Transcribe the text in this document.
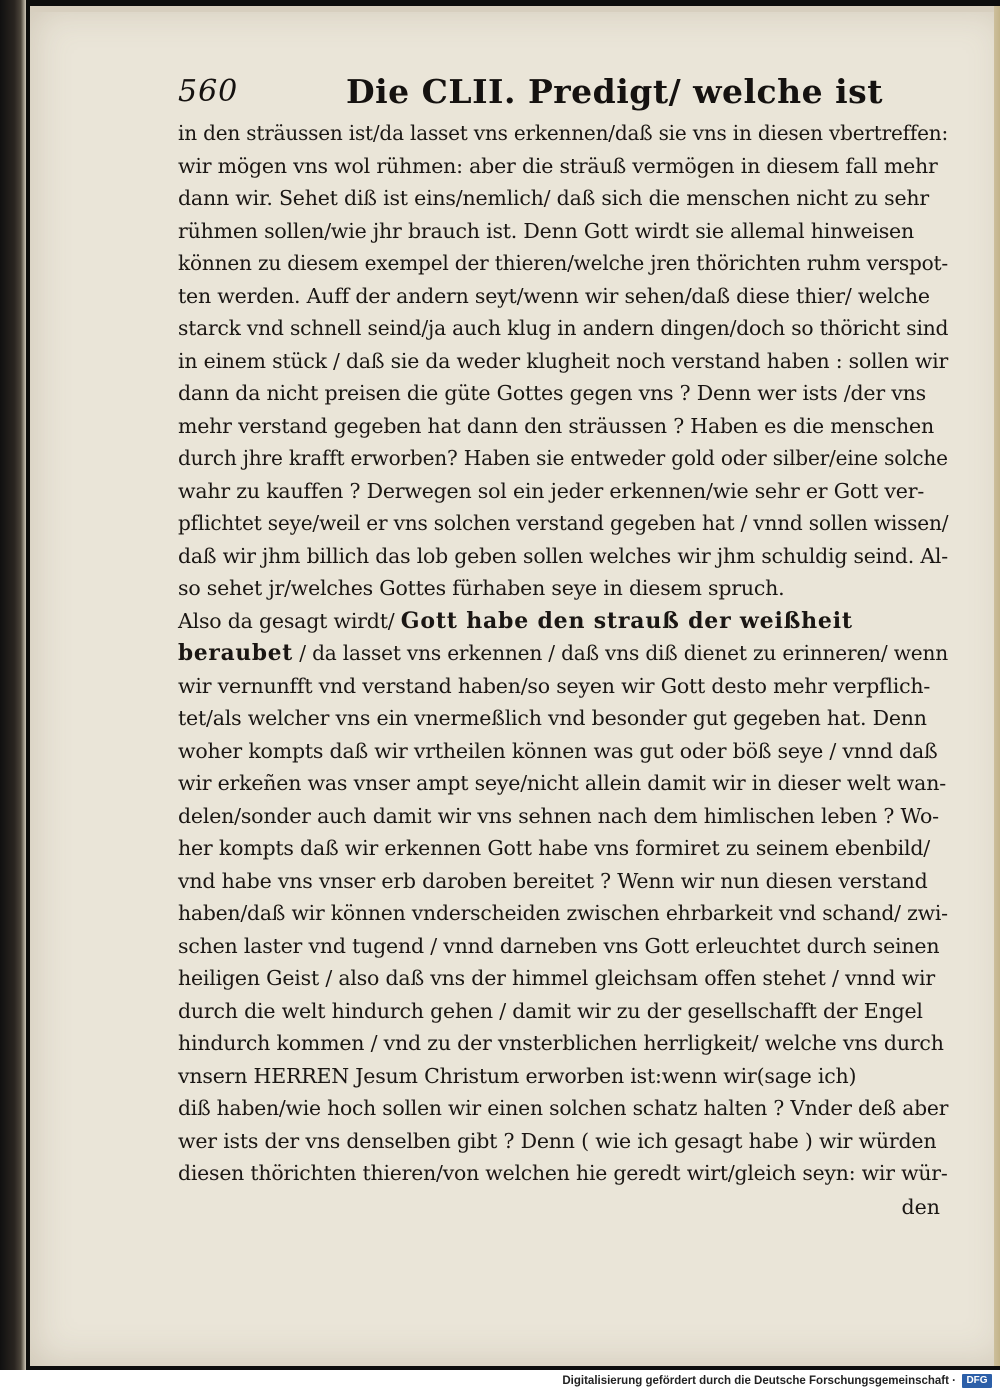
560	Die CLII. Predigt/ welche ist
in den sträussen ist/da lasset vns erkennen/daß sie vns in diesen vbertreffen:
wir mögen vns wol rühmen: aber die sträuß vermögen in diesem fall mehr
dann wir. Sehet diß ist eins/nemlich/ daß sich die menschen nicht zu sehr
rühmen sollen/wie jhr brauch ist. Denn Gott wirdt sie allemal hinweisen
können zu diesem exempel der thieren/welche jren thörichten ruhm verspot-
ten werden. Auff der andern seyt/wenn wir sehen/daß diese thier/ welche
starck vnd schnell seind/ja auch klug in andern dingen/doch so thöricht sind
in einem stück / daß sie da weder klugheit noch verstand haben : sollen wir
dann da nicht preisen die güte Gottes gegen vns ? Denn wer ists /der vns
mehr verstand gegeben hat dann den sträussen ? Haben es die menschen
durch jhre krafft erworben? Haben sie entweder gold oder silber/eine solche
wahr zu kauffen ? Derwegen sol ein jeder erkennen/wie sehr er Gott ver-
pflichtet seye/weil er vns solchen verstand gegeben hat / vnnd sollen wissen/
daß wir jhm billich das lob geben sollen welches wir jhm schuldig seind. Al-
so sehet jr/welches Gottes fürhaben seye in diesem spruch.
Also da gesagt wirdt/ Gott habe den strauß der weißheit
beraubet / da lasset vns erkennen / daß vns diß dienet zu erinneren/ wenn
wir vernunfft vnd verstand haben/so seyen wir Gott desto mehr verpflich-
tet/als welcher vns ein vnermeßlich vnd besonder gut gegeben hat. Denn
woher kompts daß wir vrtheilen können was gut oder böß seye / vnnd daß
wir erkeñen was vnser ampt seye/nicht allein damit wir in dieser welt wan-
delen/sonder auch damit wir vns sehnen nach dem himlischen leben ? Wo-
her kompts daß wir erkennen Gott habe vns formiret zu seinem ebenbild/
vnd habe vns vnser erb daroben bereitet ? Wenn wir nun diesen verstand
haben/daß wir können vnderscheiden zwischen ehrbarkeit vnd schand/ zwi-
schen laster vnd tugend / vnnd darneben vns Gott erleuchtet durch seinen
heiligen Geist / also daß vns der himmel gleichsam offen stehet / vnnd wir
durch die welt hindurch gehen / damit wir zu der gesellschafft der Engel
hindurch kommen / vnd zu der vnsterblichen herrligkeit/ welche vns durch
vnsern HERREN Jesum Christum erworben ist:wenn wir(sage ich)
diß haben/wie hoch sollen wir einen solchen schatz halten ? Vnder deß aber
wer ists der vns denselben gibt ? Denn ( wie ich gesagt habe ) wir würden
diesen thörichten thieren/von welchen hie geredt wirt/gleich seyn: wir wür-
den
Digitalisierung gefördert durch die Deutsche Forschungsgemeinschaft ·	DFG
